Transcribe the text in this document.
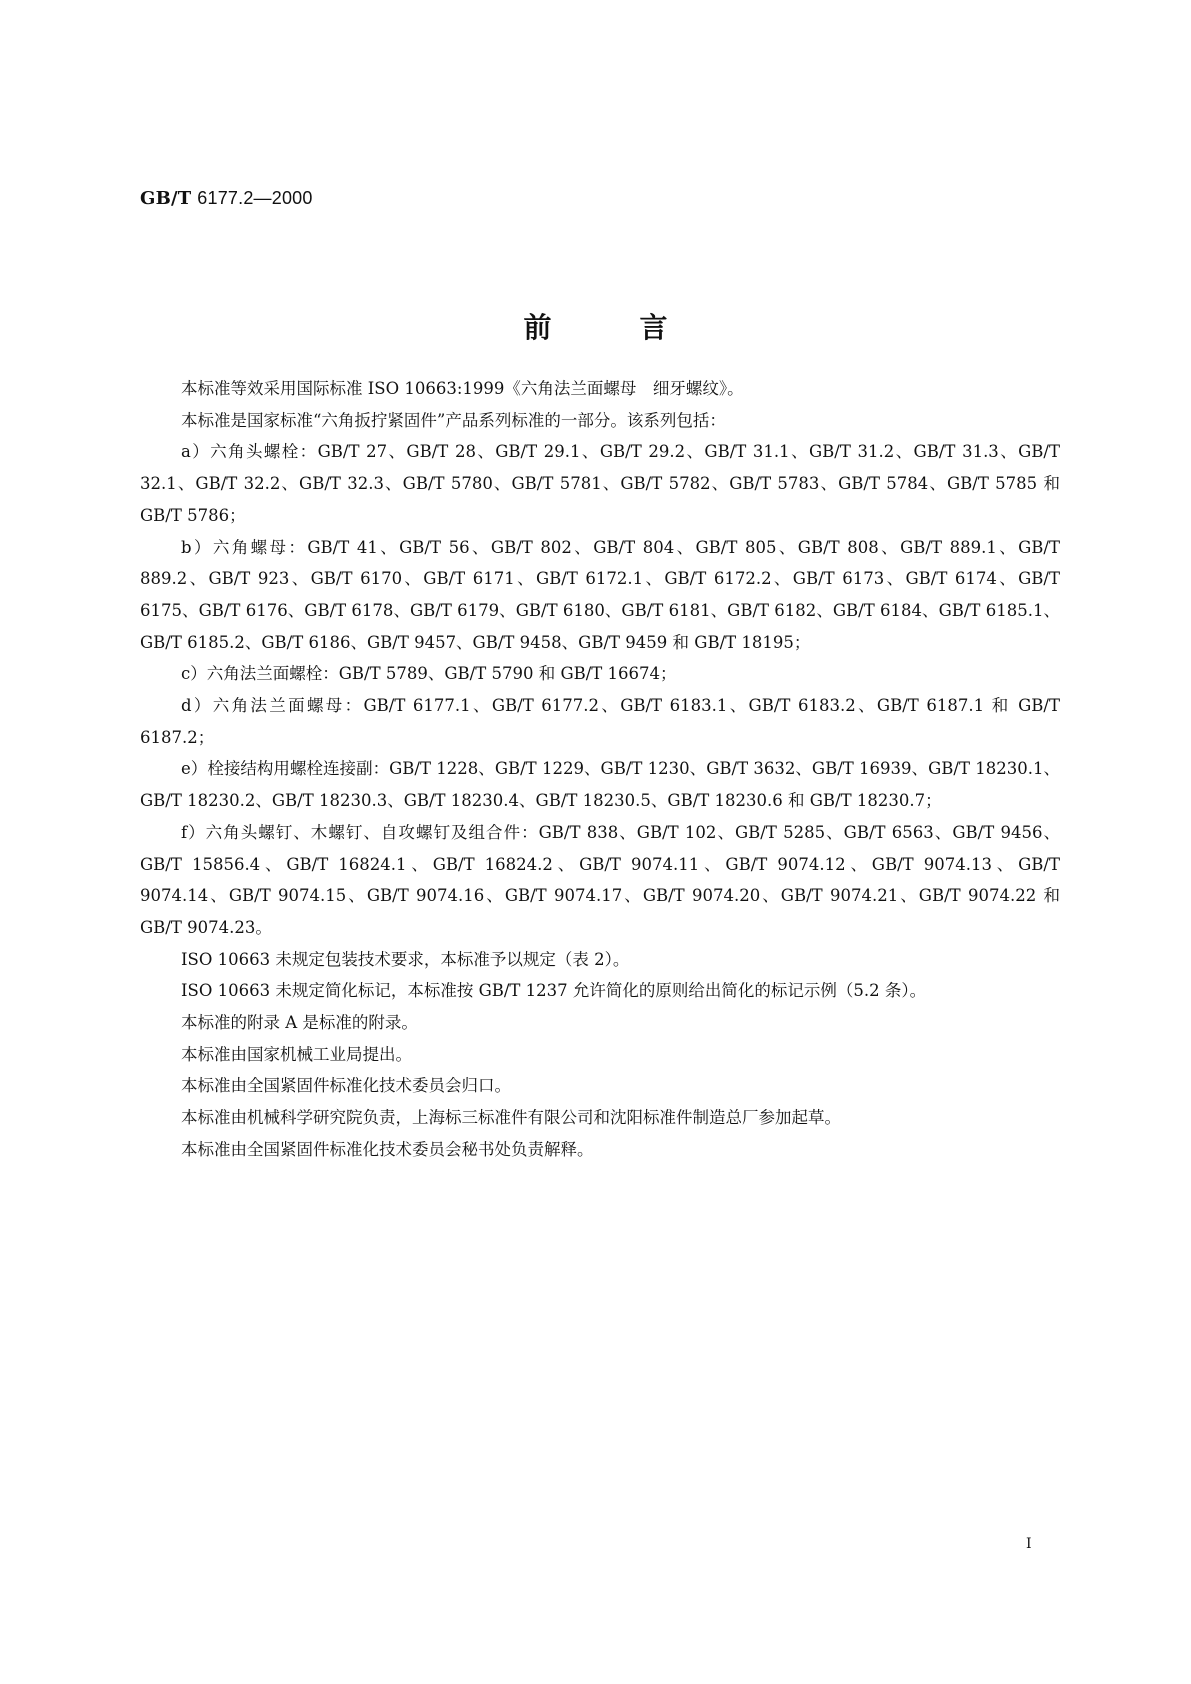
GB/T 6177.2—2000
前言

本标准等效采用国际标准 ISO 10663:1999《六角法兰面螺母　细牙螺纹》。

本标准是国家标准“六角扳拧紧固件”产品系列标准的一部分。该系列包括：

a）六角头螺栓：GB/T 27、GB/T 28、GB/T 29.1、GB/T 29.2、GB/T 31.1、GB/T 31.2、GB/T 31.3、GB/T 32.1、GB/T 32.2、GB/T 32.3、GB/T 5780、GB/T 5781、GB/T 5782、GB/T 5783、GB/T 5784、GB/T 5785 和 GB/T 5786；

b）六角螺母：GB/T 41、GB/T 56、GB/T 802、GB/T 804、GB/T 805、GB/T 808、GB/T 889.1、GB/T 889.2、GB/T 923、GB/T 6170、GB/T 6171、GB/T 6172.1、GB/T 6172.2、GB/T 6173、GB/T 6174、GB/T 6175、GB/T 6176、GB/T 6178、GB/T 6179、GB/T 6180、GB/T 6181、GB/T 6182、GB/T 6184、GB/T 6185.1、GB/T 6185.2、GB/T 6186、GB/T 9457、GB/T 9458、GB/T 9459 和 GB/T 18195；

c）六角法兰面螺栓：GB/T 5789、GB/T 5790 和 GB/T 16674；

d）六角法兰面螺母：GB/T 6177.1、GB/T 6177.2、GB/T 6183.1、GB/T 6183.2、GB/T 6187.1 和 GB/T 6187.2；

e）栓接结构用螺栓连接副：GB/T 1228、GB/T 1229、GB/T 1230、GB/T 3632、GB/T 16939、GB/T 18230.1、GB/T 18230.2、GB/T 18230.3、GB/T 18230.4、GB/T 18230.5、GB/T 18230.6 和 GB/T 18230.7；

f）六角头螺钉、木螺钉、自攻螺钉及组合件：GB/T 838、GB/T 102、GB/T 5285、GB/T 6563、GB/T 9456、GB/T 15856.4、GB/T 16824.1、GB/T 16824.2、GB/T 9074.11、GB/T 9074.12、GB/T 9074.13、GB/T 9074.14、GB/T 9074.15、GB/T 9074.16、GB/T 9074.17、GB/T 9074.20、GB/T 9074.21、GB/T 9074.22 和 GB/T 9074.23。

ISO 10663 未规定包装技术要求，本标准予以规定（表 2）。

ISO 10663 未规定简化标记，本标准按 GB/T 1237 允许简化的原则给出简化的标记示例（5.2 条）。

本标准的附录 A 是标准的附录。

本标准由国家机械工业局提出。

本标准由全国紧固件标准化技术委员会归口。

本标准由机械科学研究院负责，上海标三标准件有限公司和沈阳标准件制造总厂参加起草。

本标准由全国紧固件标准化技术委员会秘书处负责解释。

I
